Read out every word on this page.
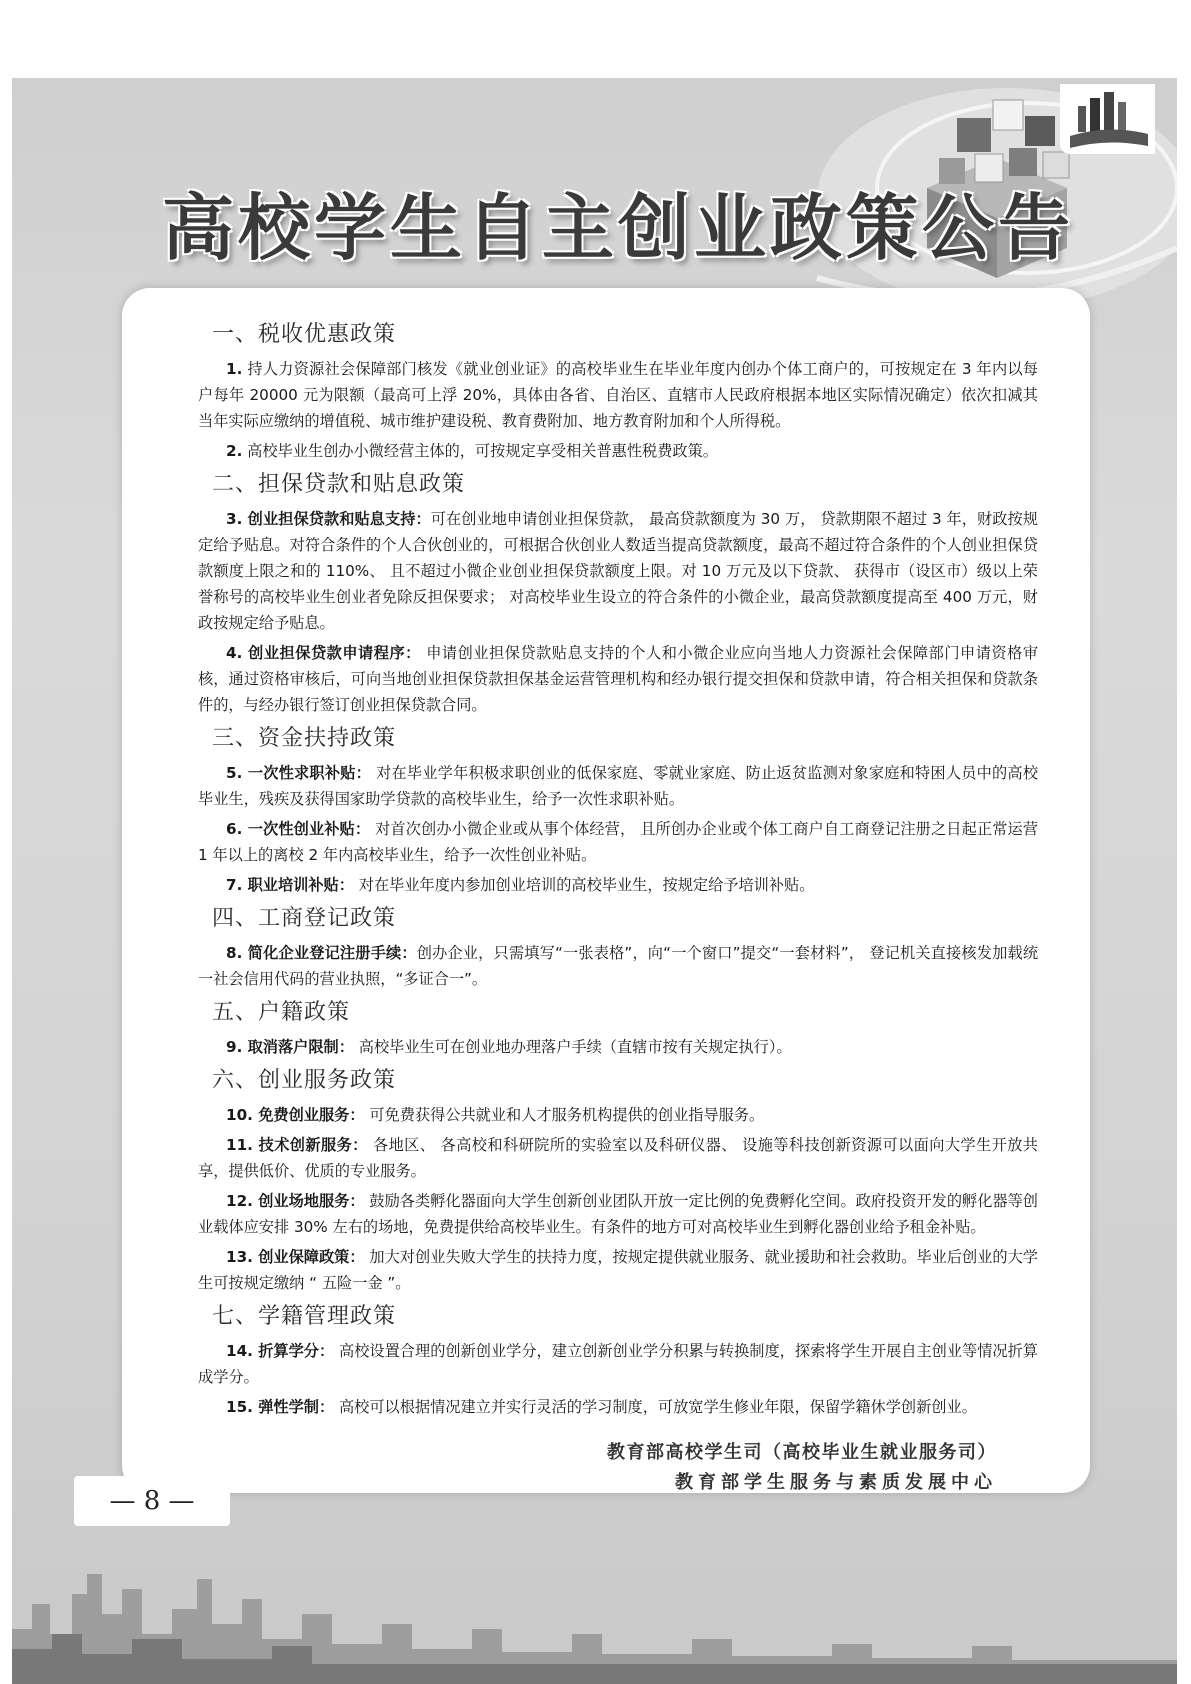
高校学生自主创业政策公告
一、税收优惠政策

1. 持人力资源社会保障部门核发《就业创业证》的高校毕业生在毕业年度内创办个体工商户的，可按规定在 3 年内以每户每年 20000 元为限额（最高可上浮 20%，具体由各省、自治区、直辖市人民政府根据本地区实际情况确定）依次扣减其当年实际应缴纳的增值税、城市维护建设税、教育费附加、地方教育附加和个人所得税。

2. 高校毕业生创办小微经营主体的，可按规定享受相关普惠性税费政策。

二、担保贷款和贴息政策

3. 创业担保贷款和贴息支持：可在创业地申请创业担保贷款， 最高贷款额度为 30 万， 贷款期限不超过 3 年，财政按规定给予贴息。对符合条件的个人合伙创业的，可根据合伙创业人数适当提高贷款额度，最高不超过符合条件的个人创业担保贷款额度上限之和的 110%、 且不超过小微企业创业担保贷款额度上限。对 10 万元及以下贷款、 获得市（设区市）级以上荣誉称号的高校毕业生创业者免除反担保要求； 对高校毕业生设立的符合条件的小微企业，最高贷款额度提高至 400 万元，财政按规定给予贴息。

4. 创业担保贷款申请程序： 申请创业担保贷款贴息支持的个人和小微企业应向当地人力资源社会保障部门申请资格审核，通过资格审核后，可向当地创业担保贷款担保基金运营管理机构和经办银行提交担保和贷款申请，符合相关担保和贷款条件的，与经办银行签订创业担保贷款合同。

三、资金扶持政策

5. 一次性求职补贴： 对在毕业学年积极求职创业的低保家庭、零就业家庭、防止返贫监测对象家庭和特困人员中的高校毕业生，残疾及获得国家助学贷款的高校毕业生，给予一次性求职补贴。

6. 一次性创业补贴： 对首次创办小微企业或从事个体经营， 且所创办企业或个体工商户自工商登记注册之日起正常运营 1 年以上的离校 2 年内高校毕业生，给予一次性创业补贴。

7. 职业培训补贴： 对在毕业年度内参加创业培训的高校毕业生，按规定给予培训补贴。

四、工商登记政策

8. 简化企业登记注册手续：创办企业，只需填写“一张表格”，向“一个窗口”提交“一套材料”， 登记机关直接核发加载统一社会信用代码的营业执照，“多证合一”。

五、户籍政策

9. 取消落户限制： 高校毕业生可在创业地办理落户手续（直辖市按有关规定执行）。

六、创业服务政策

10. 免费创业服务： 可免费获得公共就业和人才服务机构提供的创业指导服务。

11. 技术创新服务： 各地区、 各高校和科研院所的实验室以及科研仪器、 设施等科技创新资源可以面向大学生开放共享，提供低价、优质的专业服务。

12. 创业场地服务： 鼓励各类孵化器面向大学生创新创业团队开放一定比例的免费孵化空间。政府投资开发的孵化器等创业载体应安排 30% 左右的场地，免费提供给高校毕业生。有条件的地方可对高校毕业生到孵化器创业给予租金补贴。

13. 创业保障政策： 加大对创业失败大学生的扶持力度，按规定提供就业服务、就业援助和社会救助。毕业后创业的大学生可按规定缴纳 “ 五险一金 ”。

七、学籍管理政策

14. 折算学分： 高校设置合理的创新创业学分，建立创新创业学分积累与转换制度，探索将学生开展自主创业等情况折算成学分。

15. 弹性学制： 高校可以根据情况建立并实行灵活的学习制度，可放宽学生修业年限，保留学籍休学创新创业。

教育部高校学生司（高校毕业生就业服务司）
教育部学生服务与素质发展中心
— 8 —
